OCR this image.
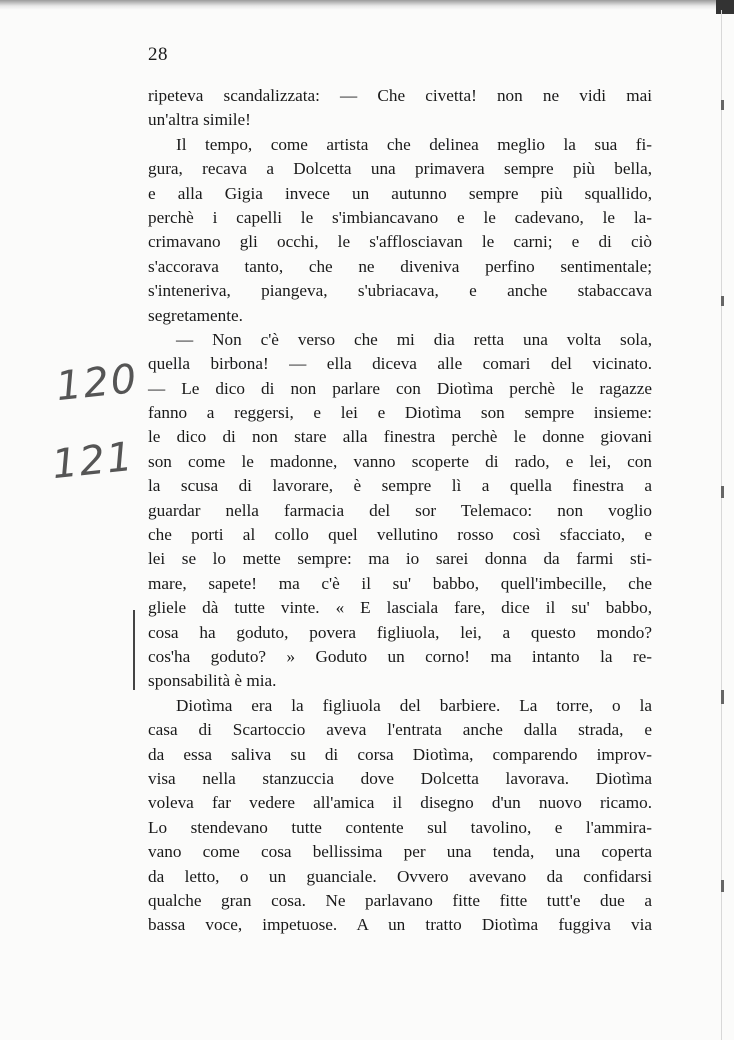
28
120
121
ripeteva scandalizzata: — Che civetta! non ne vidi mai
un'altra simile!
Il tempo, come artista che delinea meglio la sua fi-
gura, recava a Dolcetta una primavera sempre più bella,
e alla Gigia invece un autunno sempre più squallido,
perchè i capelli le s'imbiancavano e le cadevano, le la-
crimavano gli occhi, le s'afflosciavan le carni; e di ciò
s'accorava tanto, che ne diveniva perfino sentimentale;
s'inteneriva, piangeva, s'ubriacava, e anche stabaccava
segretamente.
— Non c'è verso che mi dia retta una volta sola,
quella birbona! — ella diceva alle comari del vicinato.
— Le dico di non parlare con Diotìma perchè le ragazze
fanno a reggersi, e lei e Diotìma son sempre insieme:
le dico di non stare alla finestra perchè le donne giovani
son come le madonne, vanno scoperte di rado, e lei, con
la scusa di lavorare, è sempre lì a quella finestra a
guardar nella farmacia del sor Telemaco: non voglio
che porti al collo quel vellutino rosso così sfacciato, e
lei se lo mette sempre: ma io sarei donna da farmi sti-
mare, sapete! ma c'è il su' babbo, quell'imbecille, che
gliele dà tutte vinte. « E lasciala fare, dice il su' babbo,
cosa ha goduto, povera figliuola, lei, a questo mondo?
cos'ha goduto? » Goduto un corno! ma intanto la re-
sponsabilità è mia.
Diotìma era la figliuola del barbiere. La torre, o la
casa di Scartoccio aveva l'entrata anche dalla strada, e
da essa saliva su di corsa Diotìma, comparendo improv-
visa nella stanzuccia dove Dolcetta lavorava. Diotìma
voleva far vedere all'amica il disegno d'un nuovo ricamo.
Lo stendevano tutte contente sul tavolino, e l'ammira-
vano come cosa bellissima per una tenda, una coperta
da letto, o un guanciale. Ovvero avevano da confidarsi
qualche gran cosa. Ne parlavano fitte fitte tutt'e due a
bassa voce, impetuose. A un tratto Diotìma fuggiva via
